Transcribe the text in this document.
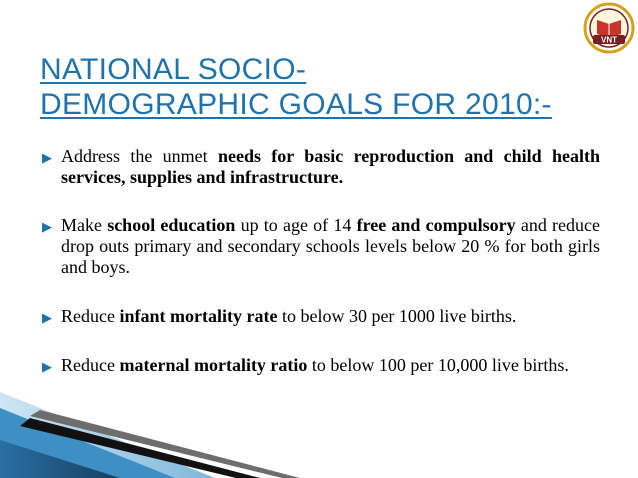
VNT
NATIONAL SOCIO-
DEMOGRAPHIC GOALS FOR 2010:-
▶ Address the unmet needs for basic reproduction and child health services, supplies and infrastructure.
▶ Make school education up to age of 14 free and compulsory and reduce drop outs primary and secondary schools levels below 20 % for both girls and boys.
▶ Reduce infant mortality rate to below 30 per 1000 live births.
▶ Reduce maternal mortality ratio to below 100 per 10,000 live births.
